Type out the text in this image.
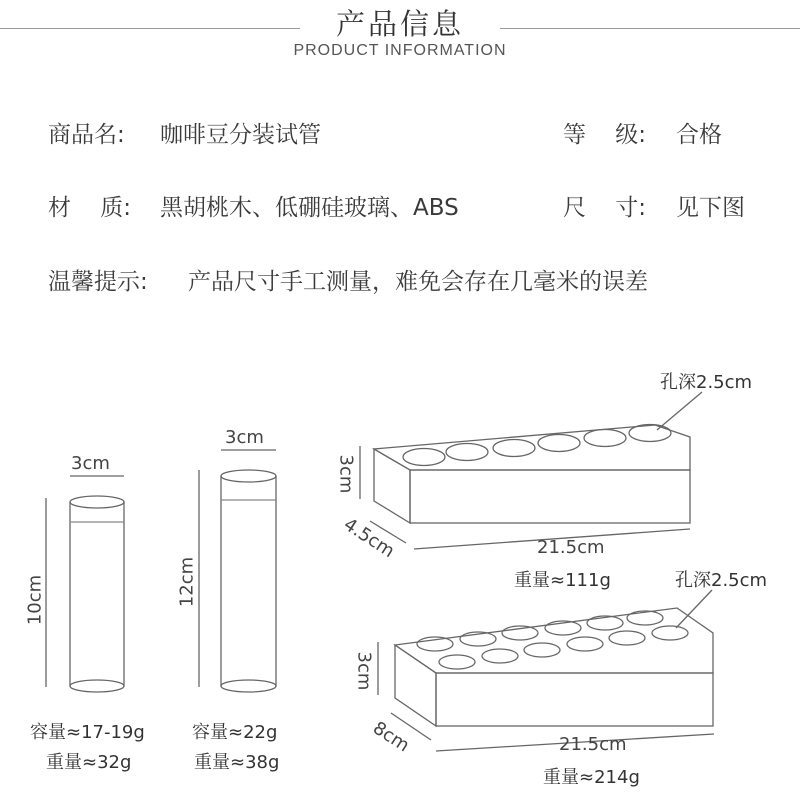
产品信息
PRODUCT INFORMATION
商品名: 咖啡豆分装试管	等    级: 合格
材    质: 黑胡桃木、低硼硅玻璃、ABS	尺    寸: 见下图
温馨提示: 产品尺寸手工测量，难免会存在几毫米的误差
3cm
10cm
容量≈17-19g
重量≈32g
3cm
12cm
容量≈22g
重量≈38g
孔深2.5cm
3cm
4.5cm	21.5cm
重量≈111g	孔深2.5cm
3cm
8cm	21.5cm
重量≈214g
